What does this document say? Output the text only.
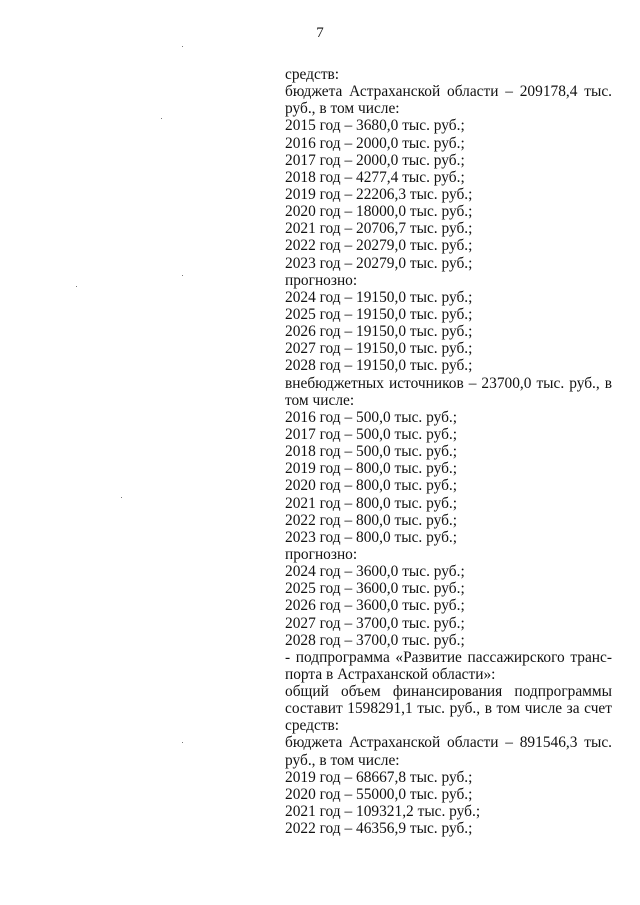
7
средств:
бюджета Астраханской области – 209178,4 тыс.
руб., в том числе:
2015 год – 3680,0 тыс. руб.;
2016 год – 2000,0 тыс. руб.;
2017 год – 2000,0 тыс. руб.;
2018 год – 4277,4 тыс. руб.;
2019 год – 22206,3 тыс. руб.;
2020 год – 18000,0 тыс. руб.;
2021 год – 20706,7 тыс. руб.;
2022 год – 20279,0 тыс. руб.;
2023 год – 20279,0 тыс. руб.;
прогнозно:
2024 год – 19150,0 тыс. руб.;
2025 год – 19150,0 тыс. руб.;
2026 год – 19150,0 тыс. руб.;
2027 год – 19150,0 тыс. руб.;
2028 год – 19150,0 тыс. руб.;
внебюджетных источников – 23700,0 тыс. руб., в
том числе:
2016 год – 500,0 тыс. руб.;
2017 год – 500,0 тыс. руб.;
2018 год – 500,0 тыс. руб.;
2019 год – 800,0 тыс. руб.;
2020 год – 800,0 тыс. руб.;
2021 год – 800,0 тыс. руб.;
2022 год – 800,0 тыс. руб.;
2023 год – 800,0 тыс. руб.;
прогнозно:
2024 год – 3600,0 тыс. руб.;
2025 год – 3600,0 тыс. руб.;
2026 год – 3600,0 тыс. руб.;
2027 год – 3700,0 тыс. руб.;
2028 год – 3700,0 тыс. руб.;
- подпрограмма «Развитие пассажирского транс-
порта в Астраханской области»:
общий объем финансирования подпрограммы
составит 1598291,1 тыс. руб., в том числе за счет
средств:
бюджета Астраханской области – 891546,3 тыс.
руб., в том числе:
2019 год – 68667,8 тыс. руб.;
2020 год – 55000,0 тыс. руб.;
2021 год – 109321,2 тыс. руб.;
2022 год – 46356,9 тыс. руб.;
